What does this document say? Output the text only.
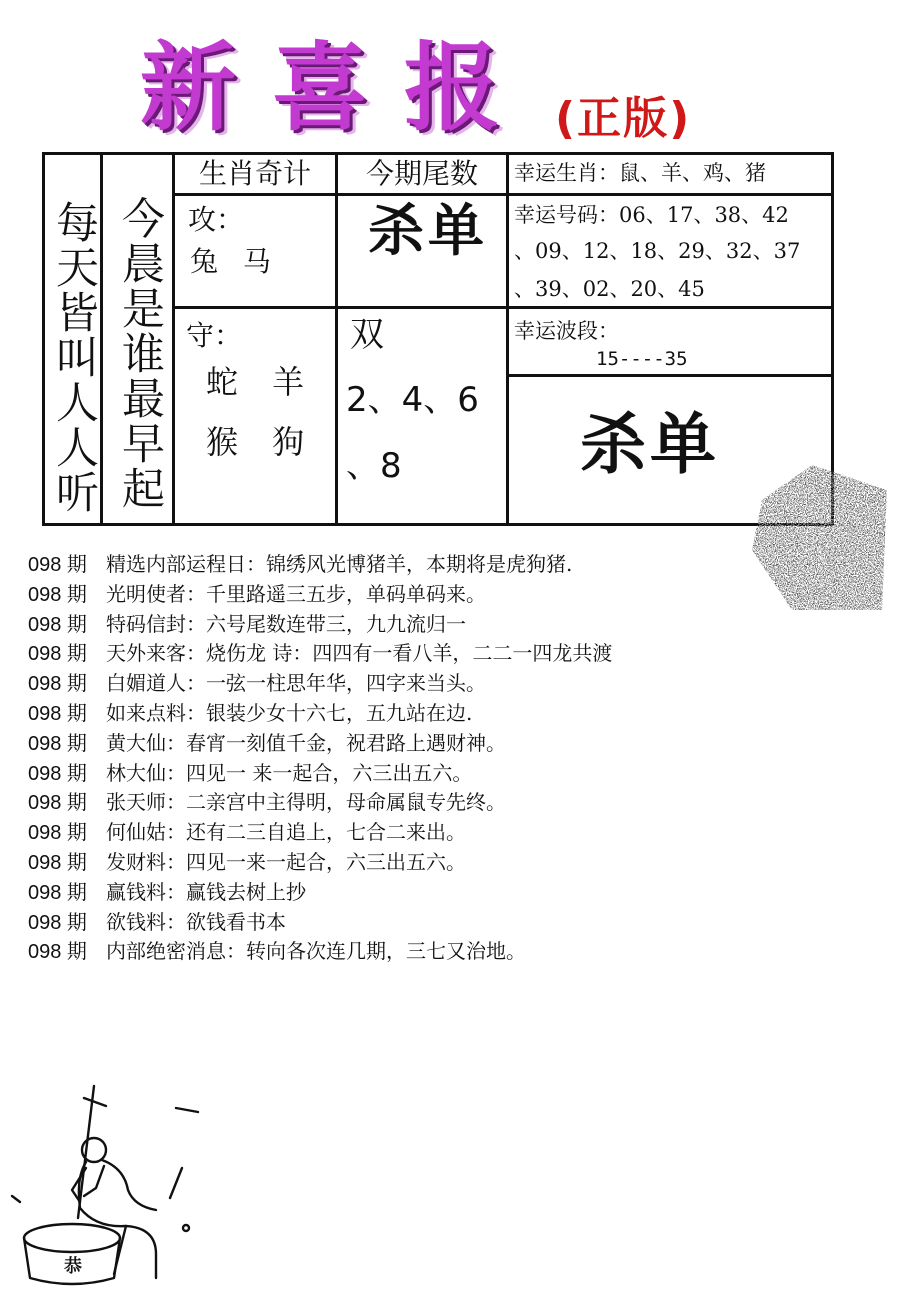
新喜报 (正版)
每天皆叫人人听 今晨是谁最早起
生肖奇计	今期尾数	幸运生肖：鼠、羊、鸡、猪
攻：
兔 马 杀单 幸运号码：06、17、38、42
、09、12、18、29、32、37
、39、02、20、45
守：
蛇 羊
猴 狗
双
2、4、6
、8
幸运波段：
15----35
杀单
098 期 精选内部运程日：锦绣风光博猪羊，本期将是虎狗猪.
098 期 光明使者：千里路遥三五步，单码单码来。
098 期 特码信封：六号尾数连带三，九九流归一
098 期 天外来客：烧伤龙 诗：四四有一看八羊，二二一四龙共渡
098 期 白媚道人：一弦一柱思年华，四字来当头。
098 期 如来点料：银装少女十六七，五九站在边.
098 期 黄大仙：春宵一刻值千金，祝君路上遇财神。
098 期 林大仙：四见一 来一起合，六三出五六。
098 期 张天师：二亲宫中主得明，母命属鼠专先终。
098 期 何仙姑：还有二三自追上，七合二来出。
098 期 发财料：四见一来一起合，六三出五六。
098 期 赢钱料：赢钱去树上抄
098 期 欲钱料：欲钱看书本
098 期 内部绝密消息：转向各次连几期，三七又治地。
恭
